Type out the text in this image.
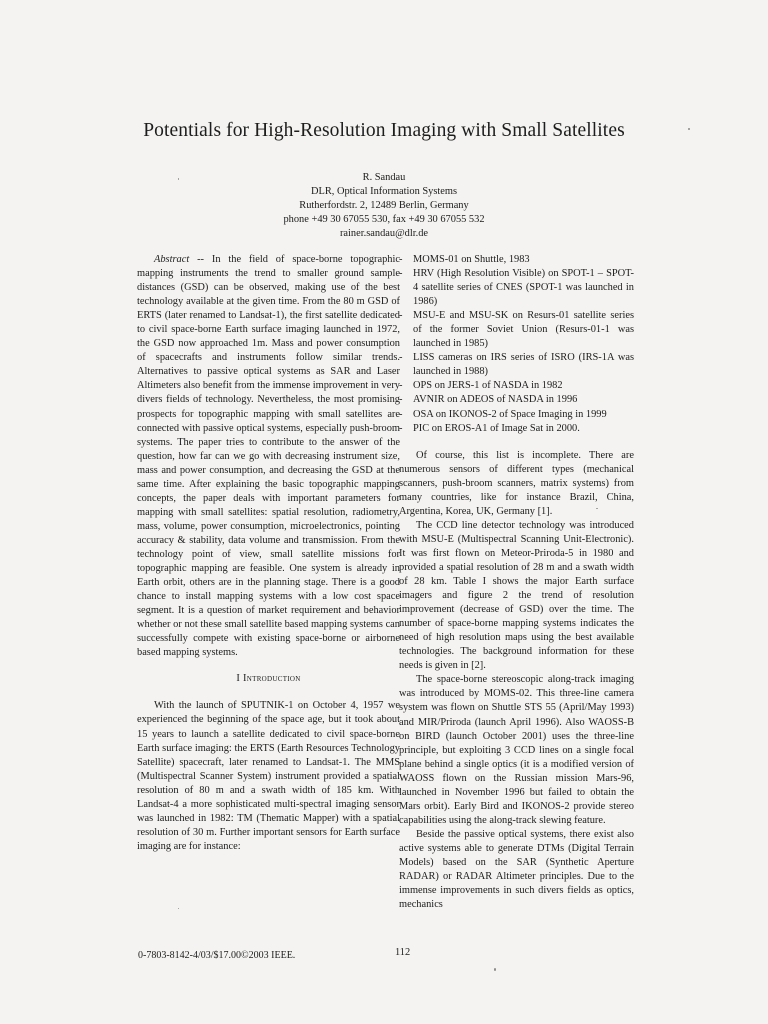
Potentials for High-Resolution Imaging with Small Satellites
R. Sandau
DLR, Optical Information Systems
Rutherfordstr. 2, 12489 Berlin, Germany
phone +49 30 67055 530, fax +49 30 67055 532
rainer.sandau@dlr.de

Abstract -- In the field of space-borne topographic mapping instruments the trend to smaller ground sample distances (GSD) can be observed, making use of the best technology available at the given time. From the 80 m GSD of ERTS (later renamed to Landsat-1), the first satellite dedicated to civil space-borne Earth surface imaging launched in 1972, the GSD now approached 1m. Mass and power consumption of spacecrafts and instruments follow similar trends. Alternatives to passive optical systems as SAR and Laser Altimeters also benefit from the immense improvement in very divers fields of technology. Nevertheless, the most promising prospects for topographic mapping with small satellites are connected with passive optical systems, especially push-broom systems. The paper tries to contribute to the answer of the question, how far can we go with decreasing instrument size, mass and power consumption, and decreasing the GSD at the same time. After explaining the basic topographic mapping concepts, the paper deals with important parameters for mapping with small satellites: spatial resolution, radiometry, mass, volume, power consumption, microelectronics, pointing accuracy & stability, data volume and transmission. From the technology point of view, small satellite missions for topographic mapping are feasible. One system is already in Earth orbit, others are in the planning stage. There is a good chance to install mapping systems with a low cost space segment. It is a question of market requirement and behavior whether or not these small satellite based mapping systems can successfully compete with existing space-borne or airborne based mapping systems.

I Introduction

With the launch of SPUTNIK-1 on October 4, 1957 we experienced the beginning of the space age, but it took about 15 years to launch a satellite dedicated to civil space-borne Earth surface imaging: the ERTS (Earth Resources Technology Satellite) spacecraft, later renamed to Landsat-1. The MMS (Multispectral Scanner System) instrument provided a spatial resolution of 80 m and a swath width of 185 km. With Landsat-4 a more sophisticated multi-spectral imaging sensor was launched in 1982: TM (Thematic Mapper) with a spatial resolution of 30 m. Further important sensors for Earth surface imaging are for instance:

- MOMS-01 on Shuttle, 1983
- HRV (High Resolution Visible) on SPOT-1 – SPOT-4 satellite series of CNES (SPOT-1 was launched in 1986)
- MSU-E and MSU-SK on Resurs-01 satellite series of the former Soviet Union (Resurs-01-1 was launched in 1985)
- LISS cameras on IRS series of ISRO (IRS-1A was launched in 1988)
- OPS on JERS-1 of NASDA in 1982
- AVNIR on ADEOS of NASDA in 1996
- OSA on IKONOS-2 of Space Imaging in 1999
- PIC on EROS-A1 of Image Sat in 2000.

Of course, this list is incomplete. There are numerous sensors of different types (mechanical scanners, push-broom scanners, matrix systems) from many countries, like for instance Brazil, China, Argentina, Korea, UK, Germany [1].

The CCD line detector technology was introduced with MSU-E (Multispectral Scanning Unit-Electronic). It was first flown on Meteor-Priroda-5 in 1980 and provided a spatial resolution of 28 m and a swath width of 28 km. Table I shows the major Earth surface imagers and figure 2 the trend of resolution improvement (decrease of GSD) over the time. The number of space-borne mapping systems indicates the need of high resolution maps using the best available technologies. The background information for these needs is given in [2].

The space-borne stereoscopic along-track imaging was introduced by MOMS-02. This three-line camera system was flown on Shuttle STS 55 (April/May 1993) and MIR/Priroda (launch April 1996). Also WAOSS-B on BIRD (launch October 2001) uses the three-line principle, but exploiting 3 CCD lines on a single focal plane behind a single optics (it is a modified version of WAOSS flown on the Russian mission Mars-96, launched in November 1996 but failed to obtain the Mars orbit). Early Bird and IKONOS-2 provide stereo capabilities using the along-track slewing feature.

Beside the passive optical systems, there exist also active systems able to generate DTMs (Digital Terrain Models) based on the SAR (Synthetic Aperture RADAR) or RADAR Altimeter principles. Due to the immense improvements in such divers fields as optics, mechanics

0-7803-8142-4/03/$17.00©2003 IEEE.	112
